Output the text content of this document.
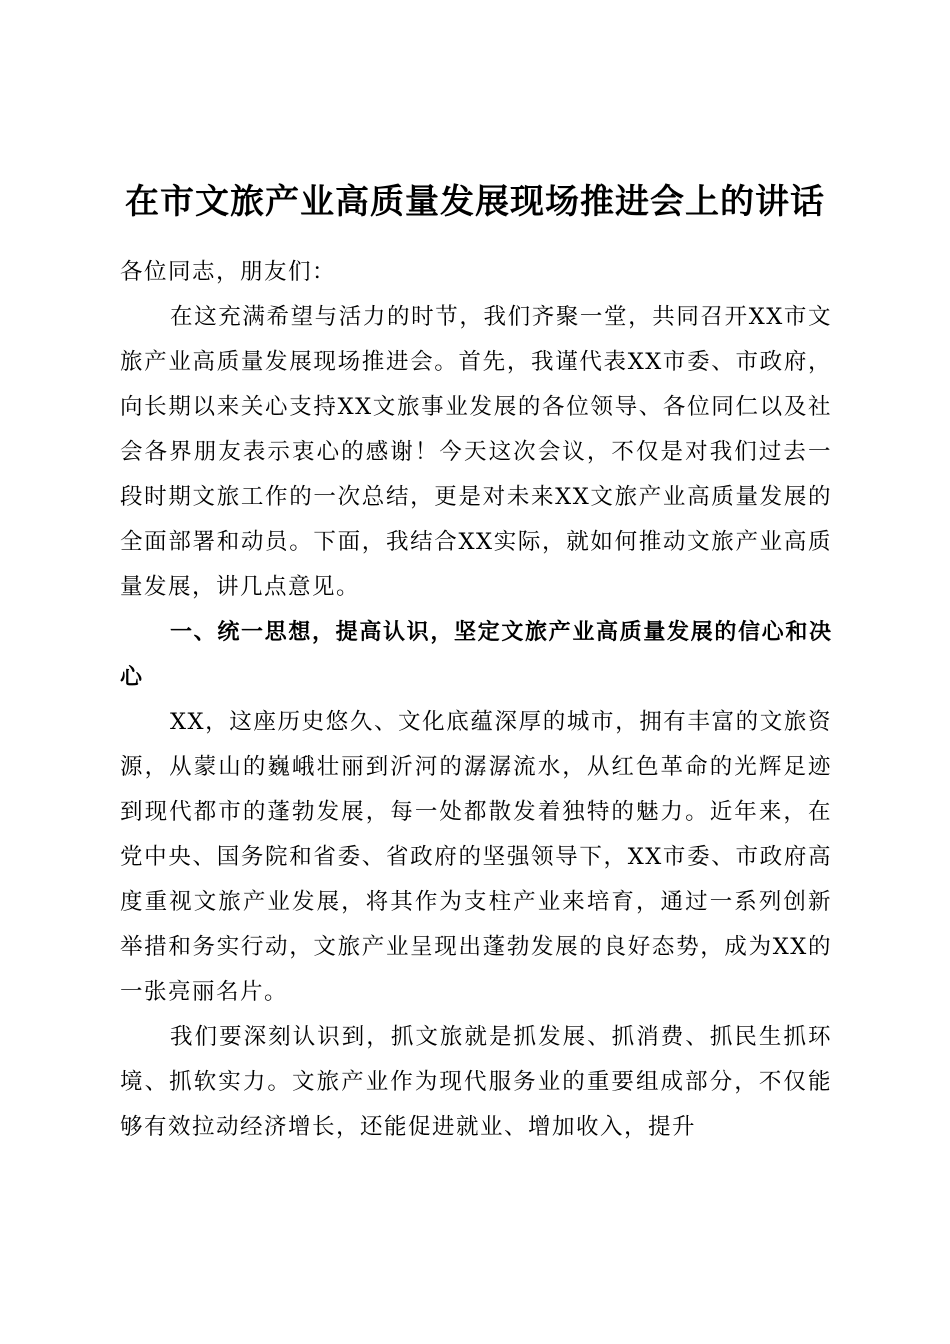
在市文旅产业高质量发展现场推进会上的讲话

各位同志，朋友们：

在这充满希望与活力的时节，我们齐聚一堂，共同召开XX市文旅产业高质量发展现场推进会。首先，我谨代表XX市委、市政府，向长期以来关心支持XX文旅事业发展的各位领导、各位同仁以及社会各界朋友表示衷心的感谢！今天这次会议，不仅是对我们过去一段时期文旅工作的一次总结，更是对未来XX文旅产业高质量发展的全面部署和动员。下面，我结合XX实际，就如何推动文旅产业高质量发展，讲几点意见。

一、统一思想，提高认识，坚定文旅产业高质量发展的信心和决心

XX，这座历史悠久、文化底蕴深厚的城市，拥有丰富的文旅资源，从蒙山的巍峨壮丽到沂河的潺潺流水，从红色革命的光辉足迹到现代都市的蓬勃发展，每一处都散发着独特的魅力。近年来，在党中央、国务院和省委、省政府的坚强领导下，XX市委、市政府高度重视文旅产业发展，将其作为支柱产业来培育，通过一系列创新举措和务实行动，文旅产业呈现出蓬勃发展的良好态势，成为XX的一张亮丽名片。

我们要深刻认识到，抓文旅就是抓发展、抓消费、抓民生抓环境、抓软实力。文旅产业作为现代服务业的重要组成部分，不仅能够有效拉动经济增长，还能促进就业、增加收入，提升
